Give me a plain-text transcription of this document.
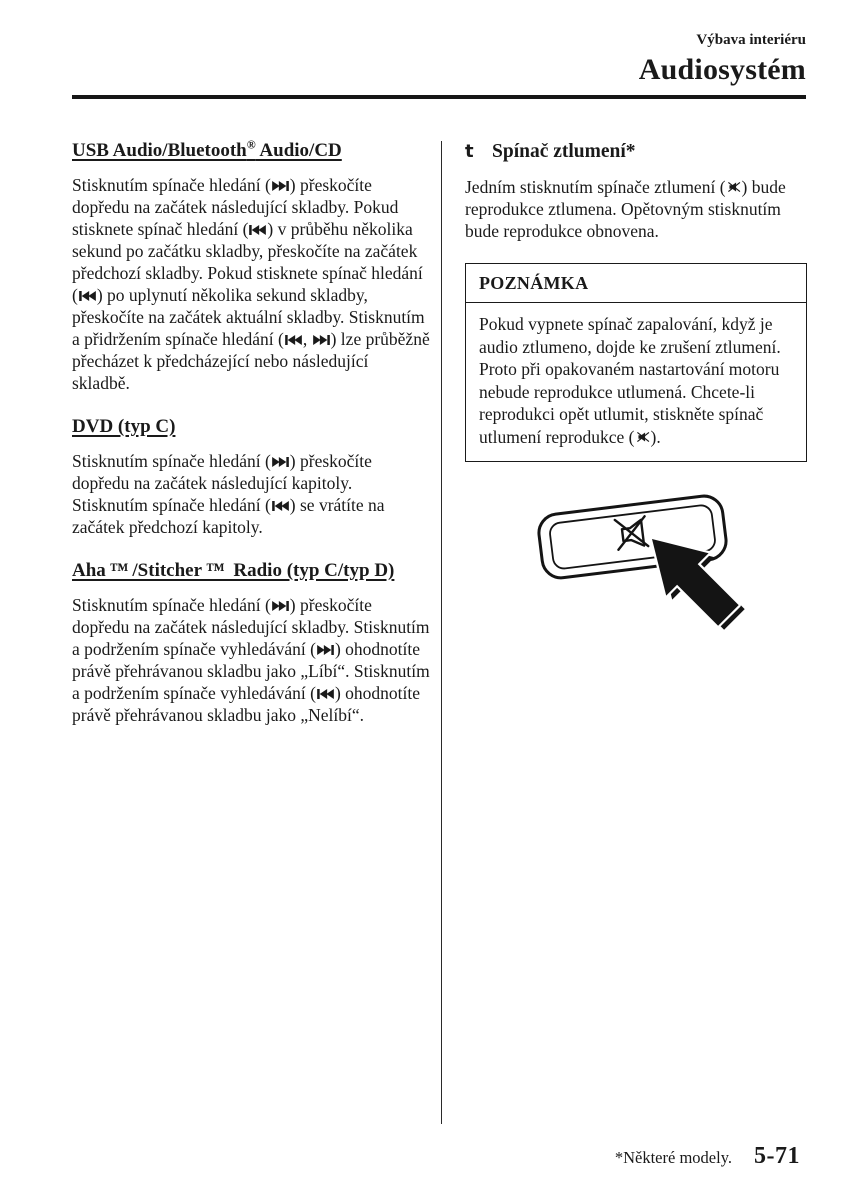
Výbava interiéru
Audiosystém
USB Audio/Bluetooth® Audio/CD

Stisknutím spínače hledání ( ) přeskočíte dopředu na začátek následující skladby. Pokud stisknete spínač hledání ( ) v průběhu několika sekund po začátku skladby, přeskočíte na začátek předchozí skladby. Pokud stisknete spínač hledání ( ) po uplynutí několika sekund skladby, přeskočíte na začátek aktuální skladby. Stisknutím a přidržením spínače hledání ( , ) lze průběžně přecházet k předcházející nebo následující skladbě.

DVD (typ C)

Stisknutím spínače hledání ( ) přeskočíte dopředu na začátek následující kapitoly. Stisknutím spínače hledání ( ) se vrátíte na začátek předchozí kapitoly.

Aha ™ /Stitcher ™  Radio (typ C/typ D)

Stisknutím spínače hledání ( ) přeskočíte dopředu na začátek následující skladby. Stisknutím a podržením spínače vyhledávání ( ) ohodnotíte právě přehrávanou skladbu jako „Líbí“. Stisknutím a podržením spínače vyhledávání ( ) ohodnotíte právě přehrávanou skladbu jako „Nelíbí“.

t Spínač ztlumení*

Jedním stisknutím spínače ztlumení ( ) bude reprodukce ztlumena. Opětovným stisknutím bude reprodukce obnovena.

POZNÁMKA

Pokud vypnete spínač zapalování, když je audio ztlumeno, dojde ke zrušení ztlumení. Proto při opakovaném nastartování motoru nebude reprodukce utlumená. Chcete-li reprodukci opět utlumit, stiskněte spínač utlumení reprodukce ( ).

*Některé modely. 5-71
